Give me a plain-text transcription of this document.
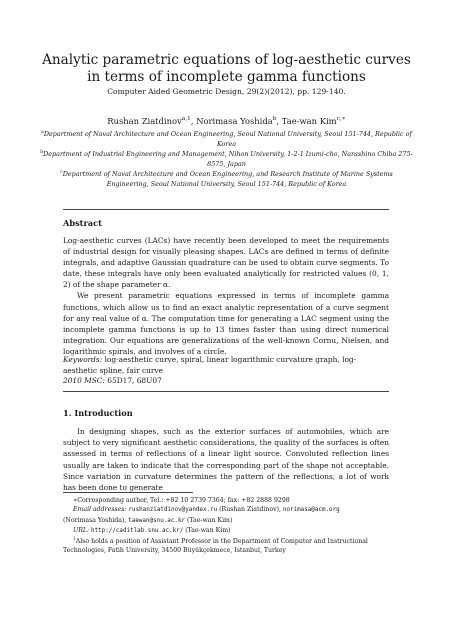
Analytic parametric equations of log-aesthetic curves in terms of incomplete gamma functions
Computer Aided Geometric Design, 29(2)(2012), pp. 129-140.
Rushan Ziatdinov$^{a,1}$, Norimasa Yoshida$^b$, Tae-wan Kim$^{c,∗}$

$^a$Department of Naval Architecture and Ocean Engineering, Seoul National University, Seoul 151-744, Republic of Korea

$^b$Department of Industrial Engineering and Management, Nihon University, 1-2-1 Izumi-cho, Narashino Chiba 275-8575, Japan

$^c$Department of Naval Architecture and Ocean Engineering, and Research Institute of Marine Systems Engineering, Seoul National University, Seoul 151-744, Republic of Korea

Abstract

Log-aesthetic curves (LACs) have recently been developed to meet the requirements of industrial design for visually pleasing shapes. LACs are defined in terms of definite integrals, and adaptive Gaussian quadrature can be used to obtain curve segments. To date, these integrals have only been evaluated analytically for restricted values (0, 1, 2) of the shape parameter α.

We present parametric equations expressed in terms of incomplete gamma functions, which allow us to find an exact analytic representation of a curve segment for any real value of α. The computation time for generating a LAC segment using the incomplete gamma functions is up to 13 times faster than using direct numerical integration. Our equations are generalizations of the well-known Cornu, Nielsen, and logarithmic spirals, and involves of a circle.

Keywords: log-aesthetic curve, spiral, linear logarithmic curvature graph, log-aesthetic spline, fair curve
2010 MSC: 65D17, 68U07
1. Introduction

In designing shapes, such as the exterior surfaces of automobiles, which are subject to very significant aesthetic considerations, the quality of the surfaces is often assessed in terms of reflections of a linear light source. Convoluted reflection lines usually are taken to indicate that the corresponding part of the shape not acceptable. Since variation in curvature determines the pattern of the reflections, a lot of work has been done to generate

∗Corresponding author, Tel.: +82 10 2739 7364; fax: +82 2888 9298

Email addresses: rushanziatdinov@yandex.ru (Rushan Ziatdinov), norimasa@acm.org
(Norimasa Yoshida), taewan@snu.ac.kr (Tae-wan Kim)

URL: http://caditlab.snu.ac.kr/ (Tae-wan Kim)

$^1$Also holds a position of Assistant Professor in the Department of Computer and Instructional Technologies, Fatih University, 34500 Büyükçekmece, Istanbul, Turkey
